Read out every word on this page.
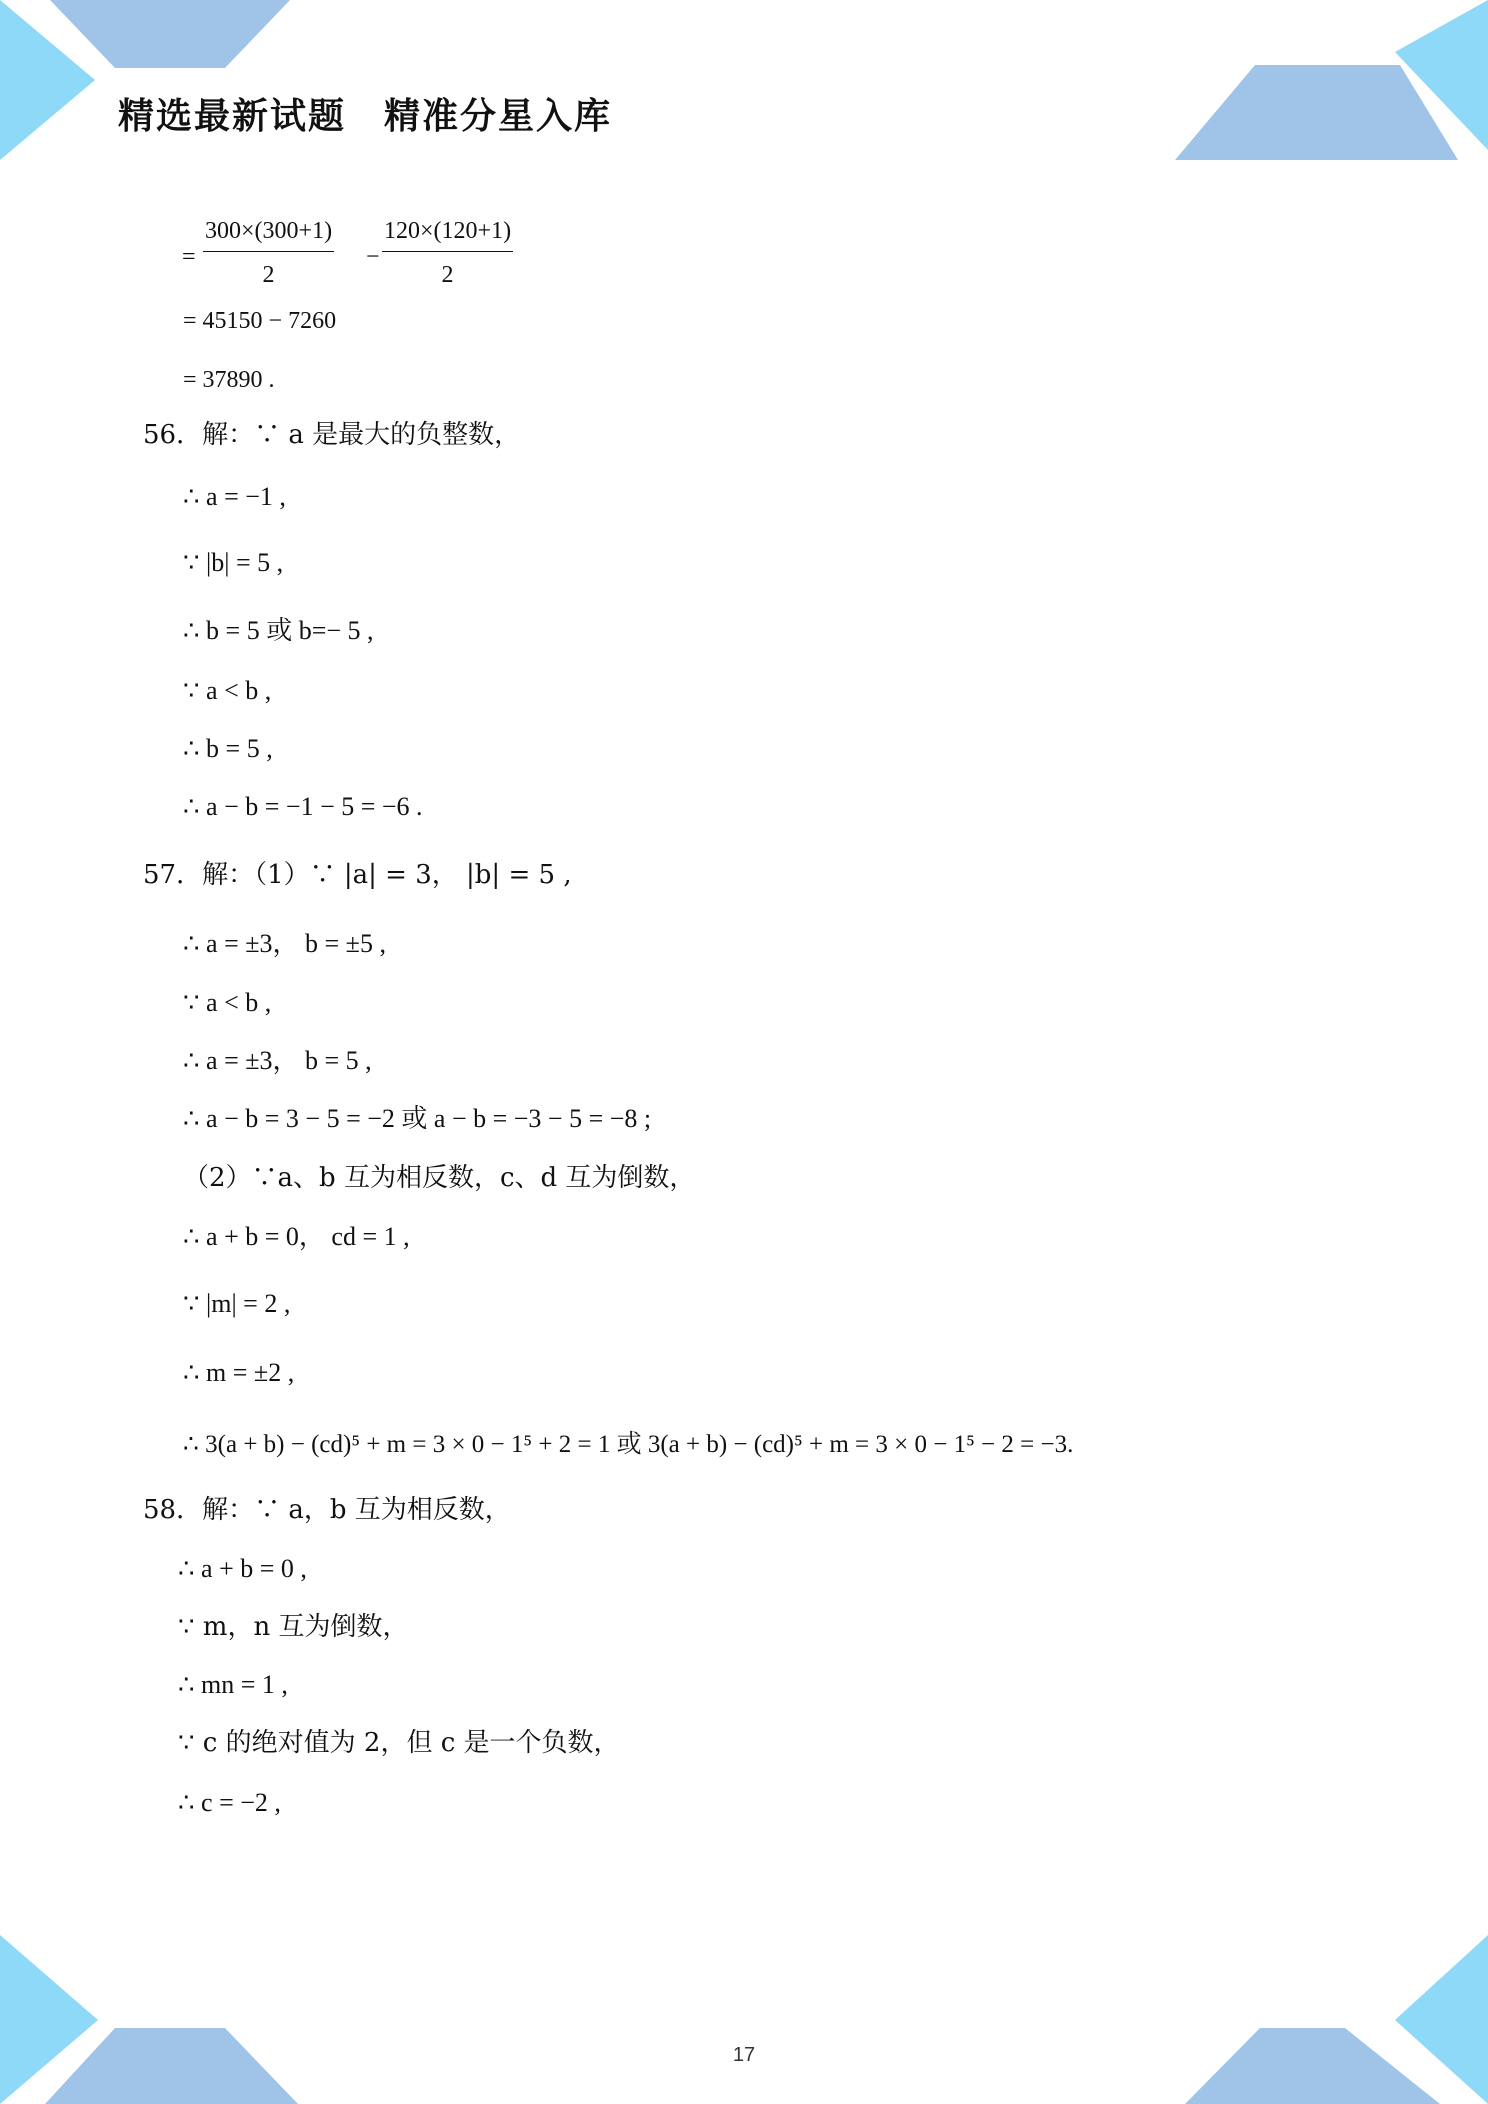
精选最新试题　精准分星入库
= $\frac{300\times(300+1)}{2} - \frac{120\times(120+1)}{2}$
= 45150 − 7260
= 37890 .
56．解：∵ a 是最大的负整数，
∴ a = −1 ,
∵ |b| = 5 ,
∴ b = 5 或 b=− 5 ,
∵ a < b ,
∴ b = 5 ,
∴ a − b = −1 − 5 = −6 .
57．解：（1）∵ |a| = 3， |b| = 5 ,
∴ a = ±3， b = ±5 ,
∵ a < b ,
∴ a = ±3， b = 5 ,
∴ a − b = 3 − 5 = −2 或 a − b = −3 − 5 = −8 ;
（2）∵a、b 互为相反数，c、d 互为倒数，
∴ a + b = 0， cd = 1 ,
∵ |m| = 2 ,
∴ m = ±2 ,
∴ 3(a + b) − (cd)⁵ + m = 3 × 0 − 1⁵ + 2 = 1 或 3(a + b) − (cd)⁵ + m = 3 × 0 − 1⁵ − 2 = −3.
58．解：∵ a，b 互为相反数，
∴ a + b = 0 ,
∵ m，n 互为倒数，
∴ mn = 1 ,
∵ c 的绝对值为 2，但 c 是一个负数，
∴ c = −2 ,
17
